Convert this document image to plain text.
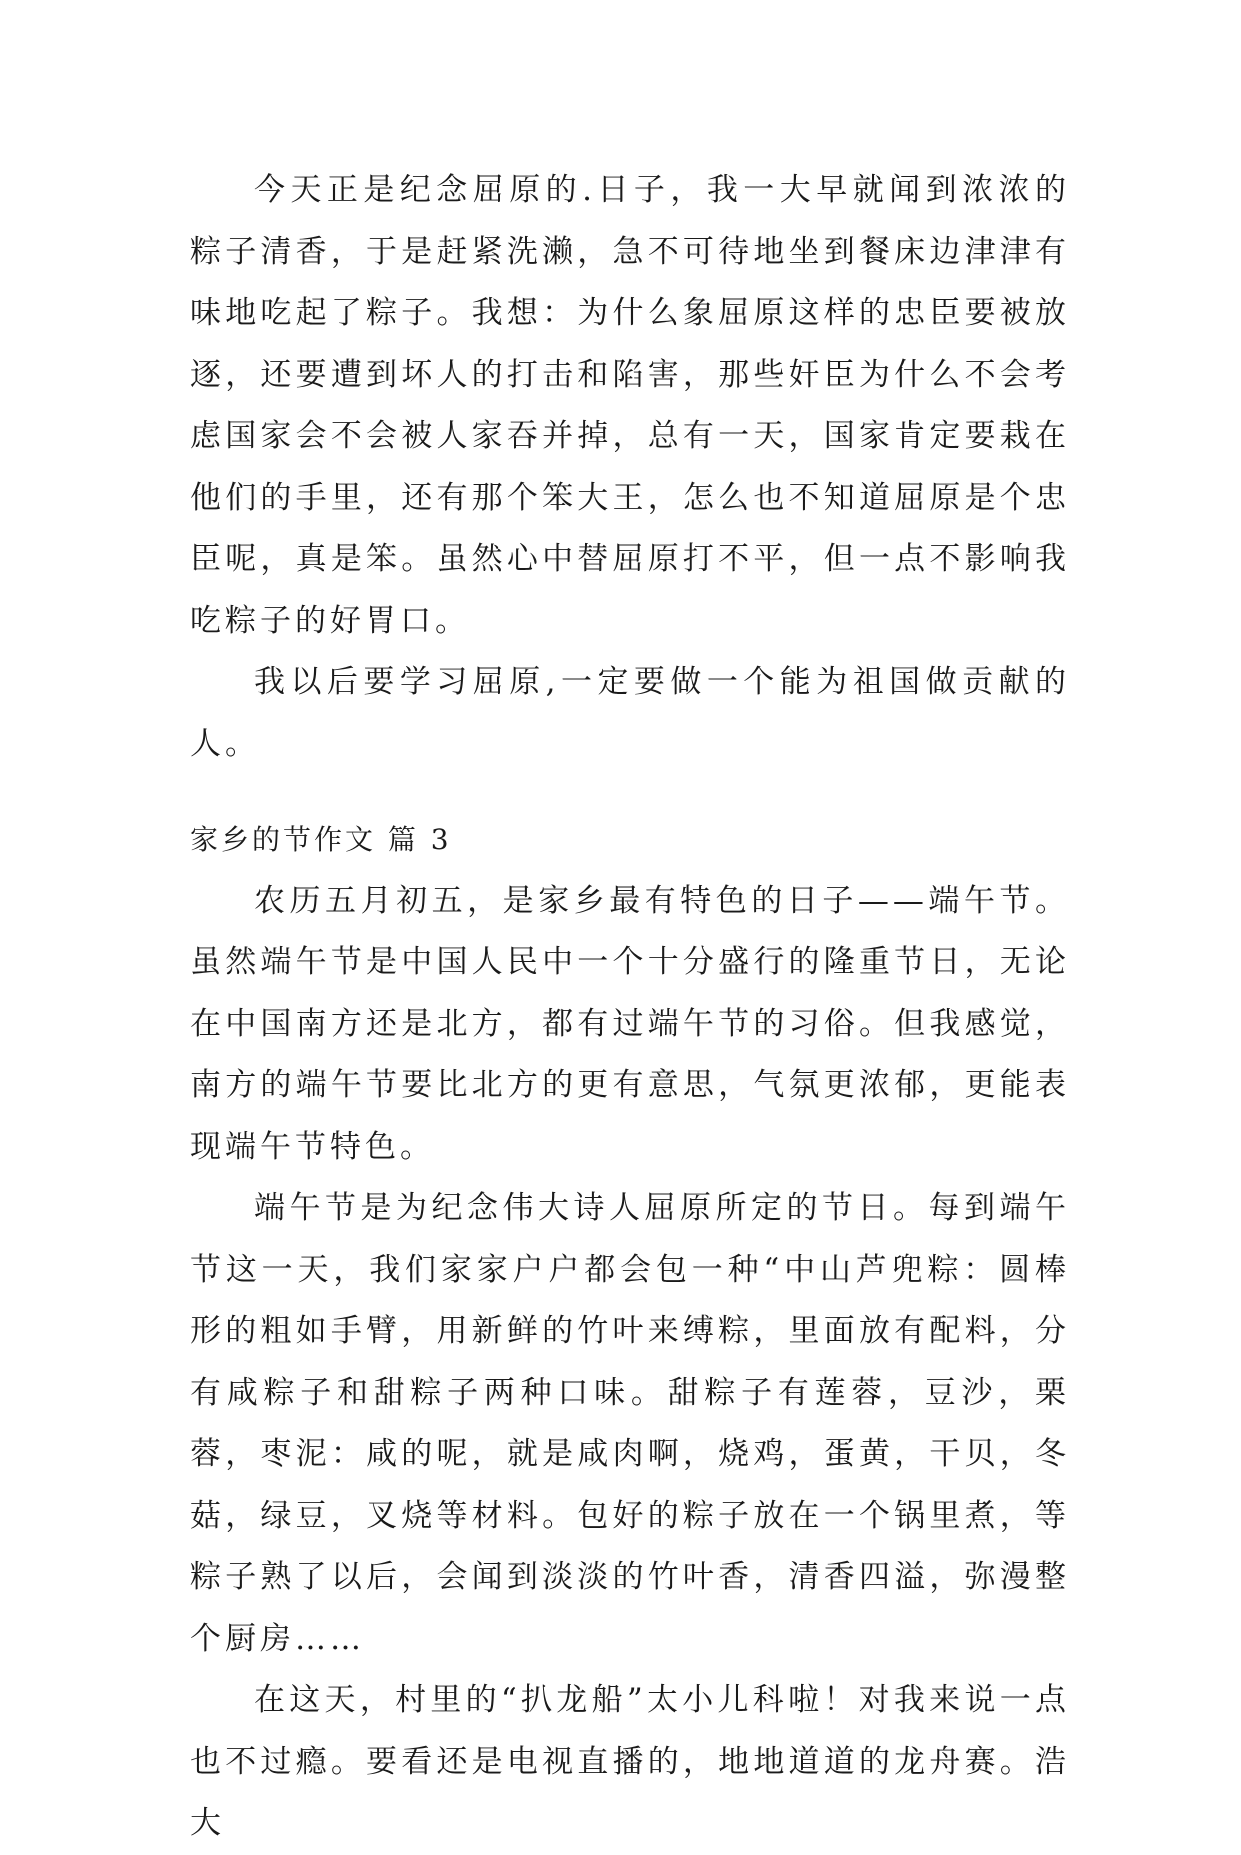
今天正是纪念屈原的.日子，我一大早就闻到浓浓的粽子清香，于是赶紧洗濑，急不可待地坐到餐床边津津有味地吃起了粽子。我想：为什么象屈原这样的忠臣要被放逐，还要遭到坏人的打击和陷害，那些奸臣为什么不会考虑国家会不会被人家吞并掉，总有一天，国家肯定要栽在他们的手里，还有那个笨大王，怎么也不知道屈原是个忠臣呢，真是笨。虽然心中替屈原打不平，但一点不影响我吃粽子的好胃口。

我以后要学习屈原,一定要做一个能为祖国做贡献的人。

家乡的节作文 篇 3

农历五月初五，是家乡最有特色的日子——端午节。虽然端午节是中国人民中一个十分盛行的隆重节日，无论在中国南方还是北方，都有过端午节的习俗。但我感觉，南方的端午节要比北方的更有意思，气氛更浓郁，更能表现端午节特色。

端午节是为纪念伟大诗人屈原所定的节日。每到端午节这一天，我们家家户户都会包一种“中山芦兜粽：圆棒形的粗如手臂，用新鲜的竹叶来缚粽，里面放有配料，分有咸粽子和甜粽子两种口味。甜粽子有莲蓉，豆沙，栗蓉，枣泥：咸的呢，就是咸肉啊，烧鸡，蛋黄，干贝，冬菇，绿豆，叉烧等材料。包好的粽子放在一个锅里煮，等粽子熟了以后，会闻到淡淡的竹叶香，清香四溢，弥漫整个厨房……

在这天，村里的“扒龙船”太小儿科啦！对我来说一点也不过瘾。要看还是电视直播的，地地道道的龙舟赛。浩大
